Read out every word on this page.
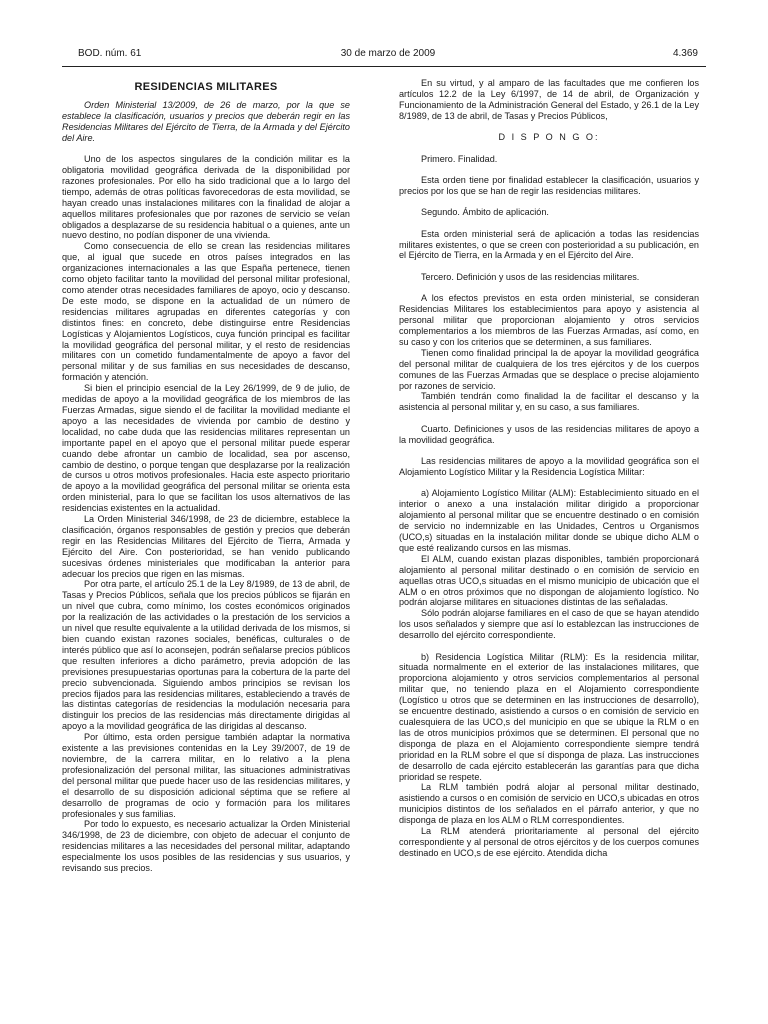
BOD. núm. 61	30 de marzo de 2009	4.369

RESIDENCIAS MILITARES

Orden Ministerial 13/2009, de 26 de marzo, por la que se establece la clasificación, usuarios y precios que deberán regir en las Residencias Militares del Ejército de Tierra, de la Armada y del Ejército del Aire.

Uno de los aspectos singulares de la condición militar es la obligatoria movilidad geográfica derivada de la disponibilidad por razones profesionales. Por ello ha sido tradicional que a lo largo del tiempo, además de otras políticas favorecedoras de esta movilidad, se hayan creado unas instalaciones militares con la finalidad de alojar a aquellos militares profesionales que por razones de servicio se veían obligados a desplazarse de su residencia habitual o a quienes, ante un nuevo destino, no podían disponer de una vivienda.

Como consecuencia de ello se crean las residencias militares que, al igual que sucede en otros países integrados en las organizaciones internacionales a las que España pertenece, tienen como objeto facilitar tanto la movilidad del personal militar profesional, como atender otras necesidades familiares de apoyo, ocio y descanso. De este modo, se dispone en la actualidad de un número de residencias militares agrupadas en diferentes categorías y con distintos fines: en concreto, debe distinguirse entre Residencias Logísticas y Alojamientos Logísticos, cuya función principal es facilitar la movilidad geográfica del personal militar, y el resto de residencias militares con un cometido fundamentalmente de apoyo a favor del personal militar y de sus familias en sus necesidades de descanso, formación y atención.

Si bien el principio esencial de la Ley 26/1999, de 9 de julio, de medidas de apoyo a la movilidad geográfica de los miembros de las Fuerzas Armadas, sigue siendo el de facilitar la movilidad mediante el apoyo a las necesidades de vivienda por cambio de destino y localidad, no cabe duda que las residencias militares representan un importante papel en el apoyo que el personal militar puede esperar cuando debe afrontar un cambio de localidad, sea por ascenso, cambio de destino, o porque tengan que desplazarse por la realización de cursos u otros motivos profesionales. Hacia este aspecto prioritario de apoyo a la movilidad geográfica del personal militar se orienta esta orden ministerial, para lo que se facilitan los usos alternativos de las residencias existentes en la actualidad.

La Orden Ministerial 346/1998, de 23 de diciembre, establece la clasificación, órganos responsables de gestión y precios que deberán regir en las Residencias Militares del Ejército de Tierra, Armada y Ejército del Aire. Con posterioridad, se han venido publicando sucesivas órdenes ministeriales que modificaban la anterior para adecuar los precios que rigen en las mismas.

Por otra parte, el artículo 25.1 de la Ley 8/1989, de 13 de abril, de Tasas y Precios Públicos, señala que los precios públicos se fijarán en un nivel que cubra, como mínimo, los costes económicos originados por la realización de las actividades o la prestación de los servicios a un nivel que resulte equivalente a la utilidad derivada de los mismos, si bien cuando existan razones sociales, benéficas, culturales o de interés público que así lo aconsejen, podrán señalarse precios públicos que resulten inferiores a dicho parámetro, previa adopción de las previsiones presupuestarias oportunas para la cobertura de la parte del precio subvencionada. Siguiendo ambos principios se revisan los precios fijados para las residencias militares, estableciendo a través de las distintas categorías de residencias la modulación necesaria para distinguir los precios de las residencias más directamente dirigidas al apoyo a la movilidad geográfica de las dirigidas al descanso.

Por último, esta orden persigue también adaptar la normativa existente a las previsiones contenidas en la Ley 39/2007, de 19 de noviembre, de la carrera militar, en lo relativo a la plena profesionalización del personal militar, las situaciones administrativas del personal militar que puede hacer uso de las residencias militares, y el desarrollo de su disposición adicional séptima que se refiere al desarrollo de programas de ocio y formación para los militares profesionales y sus familias.

Por todo lo expuesto, es necesario actualizar la Orden Ministerial 346/1998, de 23 de diciembre, con objeto de adecuar el conjunto de residencias militares a las necesidades del personal militar, adaptando especialmente los usos posibles de las residencias y sus usuarios, y revisando sus precios.

En su virtud, y al amparo de las facultades que me confieren los artículos 12.2 de la Ley 6/1997, de 14 de abril, de Organización y Funcionamiento de la Administración General del Estado, y 26.1 de la Ley 8/1989, de 13 de abril, de Tasas y Precios Públicos,

D I S P O N G O:

Primero. Finalidad.

Esta orden tiene por finalidad establecer la clasificación, usuarios y precios por los que se han de regir las residencias militares.

Segundo. Ámbito de aplicación.

Esta orden ministerial será de aplicación a todas las residencias militares existentes, o que se creen con posterioridad a su publicación, en el Ejército de Tierra, en la Armada y en el Ejército del Aire.

Tercero. Definición y usos de las residencias militares.

A los efectos previstos en esta orden ministerial, se consideran Residencias Militares los establecimientos para apoyo y asistencia al personal militar que proporcionan alojamiento y otros servicios complementarios a los miembros de las Fuerzas Armadas, así como, en su caso y con los criterios que se determinen, a sus familiares.

Tienen como finalidad principal la de apoyar la movilidad geográfica del personal militar de cualquiera de los tres ejércitos y de los cuerpos comunes de las Fuerzas Armadas que se desplace o precise alojamiento por razones de servicio.

También tendrán como finalidad la de facilitar el descanso y la asistencia al personal militar y, en su caso, a sus familiares.

Cuarto. Definiciones y usos de las residencias militares de apoyo a la movilidad geográfica.

Las residencias militares de apoyo a la movilidad geográfica son el Alojamiento Logístico Militar y la Residencia Logística Militar:

a) Alojamiento Logístico Militar (ALM): Establecimiento situado en el interior o anexo a una instalación militar dirigido a proporcionar alojamiento al personal militar que se encuentre destinado o en comisión de servicio no indemnizable en las Unidades, Centros u Organismos (UCO,s) situadas en la instalación militar donde se ubique dicho ALM o que esté realizando cursos en las mismas.

El ALM, cuando existan plazas disponibles, también proporcionará alojamiento al personal militar destinado o en comisión de servicio en aquellas otras UCO,s situadas en el mismo municipio de ubicación que el ALM o en otros próximos que no dispongan de alojamiento logístico. No podrán alojarse militares en situaciones distintas de las señaladas.

Sólo podrán alojarse familiares en el caso de que se hayan atendido los usos señalados y siempre que así lo establezcan las instrucciones de desarrollo del ejército correspondiente.

b) Residencia Logística Militar (RLM): Es la residencia militar, situada normalmente en el exterior de las instalaciones militares, que proporciona alojamiento y otros servicios complementarios al personal militar que, no teniendo plaza en el Alojamiento correspondiente (Logístico u otros que se determinen en las instrucciones de desarrollo), se encuentre destinado, asistiendo a cursos o en comisión de servicio en cualesquiera de las UCO,s del municipio en que se ubique la RLM o en las de otros municipios próximos que se determinen. El personal que no disponga de plaza en el Alojamiento correspondiente siempre tendrá prioridad en la RLM sobre el que sí disponga de plaza. Las instrucciones de desarrollo de cada ejército establecerán las garantías para que dicha prioridad se respete.

La RLM también podrá alojar al personal militar destinado, asistiendo a cursos o en comisión de servicio en UCO,s ubicadas en otros municipios distintos de los señalados en el párrafo anterior, y que no disponga de plaza en los ALM o RLM correspondientes.

La RLM atenderá prioritariamente al personal del ejército correspondiente y al personal de otros ejércitos y de los cuerpos comunes destinado en UCO,s de ese ejército. Atendida dicha
